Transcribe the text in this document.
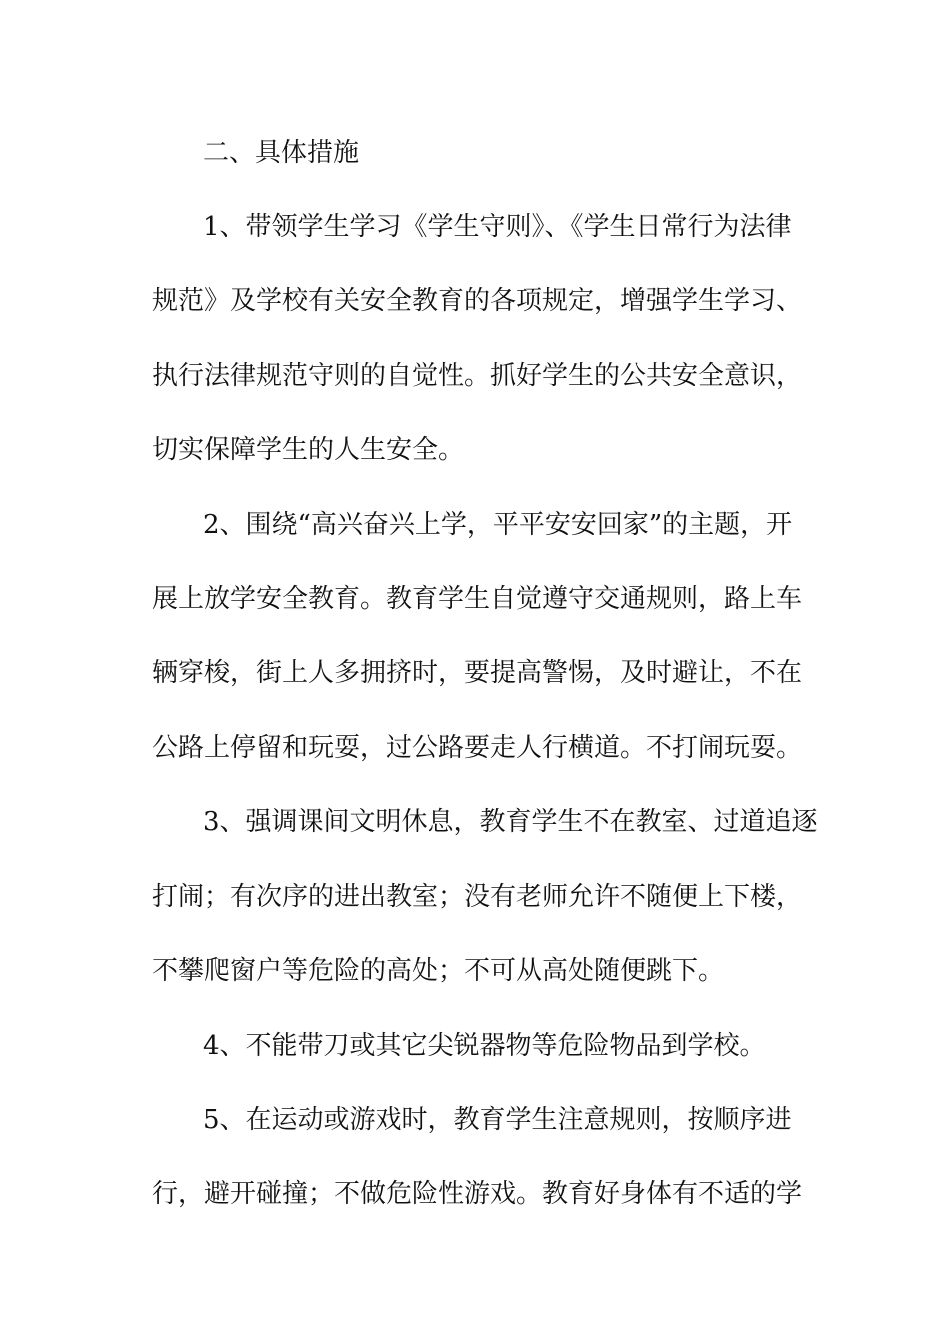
二、具体措施
1、带领学生学习《学生守则》、《学生日常行为法律
规范》及学校有关安全教育的各项规定，增强学生学习、
执行法律规范守则的自觉性。抓好学生的公共安全意识，
切实保障学生的人生安全。
2、围绕“高兴奋兴上学，平平安安回家”的主题，开
展上放学安全教育。教育学生自觉遵守交通规则，路上车
辆穿梭，街上人多拥挤时，要提高警惕，及时避让，不在
公路上停留和玩耍，过公路要走人行横道。不打闹玩耍。
3、强调课间文明休息，教育学生不在教室、过道追逐
打闹；有次序的进出教室；没有老师允许不随便上下楼，
不攀爬窗户等危险的高处；不可从高处随便跳下。
4、不能带刀或其它尖锐器物等危险物品到学校。
5、在运动或游戏时，教育学生注意规则，按顺序进
行，避开碰撞；不做危险性游戏。教育好身体有不适的学
